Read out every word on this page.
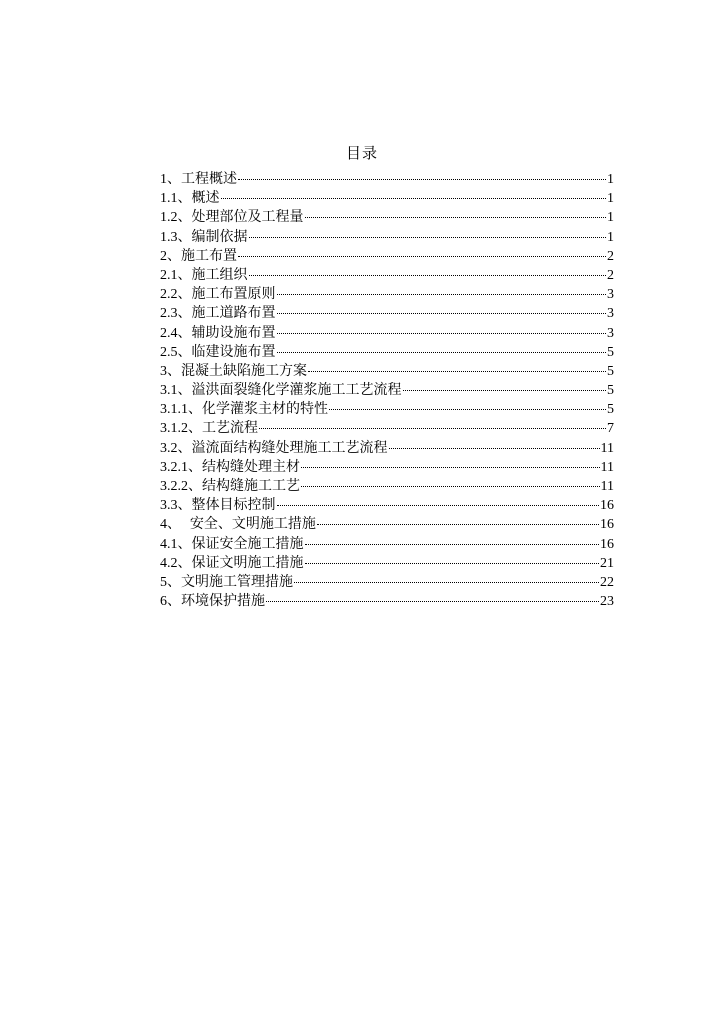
目录
1、 工程概述	1
1.1、 概述	1
1.2、 处理部位及工程量	1
1.3、 编制依据	1
2、 施工布置	2
2.1、 施工组织	2
2.2、 施工布置原则	3
2.3、 施工道路布置	3
2.4、 辅助设施布置	3
2.5、 临建设施布置	5
3、 混凝土缺陷施工方案	5
3.1、 溢洪面裂缝化学灌浆施工工艺流程	5
3.1.1、 化学灌浆主材的特性	5
3.1.2、 工艺流程	7
3.2、 溢流面结构缝处理施工工艺流程	11
3.2.1、 结构缝处理主材	11
3.2.2、 结构缝施工工艺	11
3.3、 整体目标控制	16
4、 安全、文明施工措施	16
4.1、 保证安全施工措施	16
4.2、 保证文明施工措施	21
5、 文明施工管理措施	22
6、 环境保护措施	23
